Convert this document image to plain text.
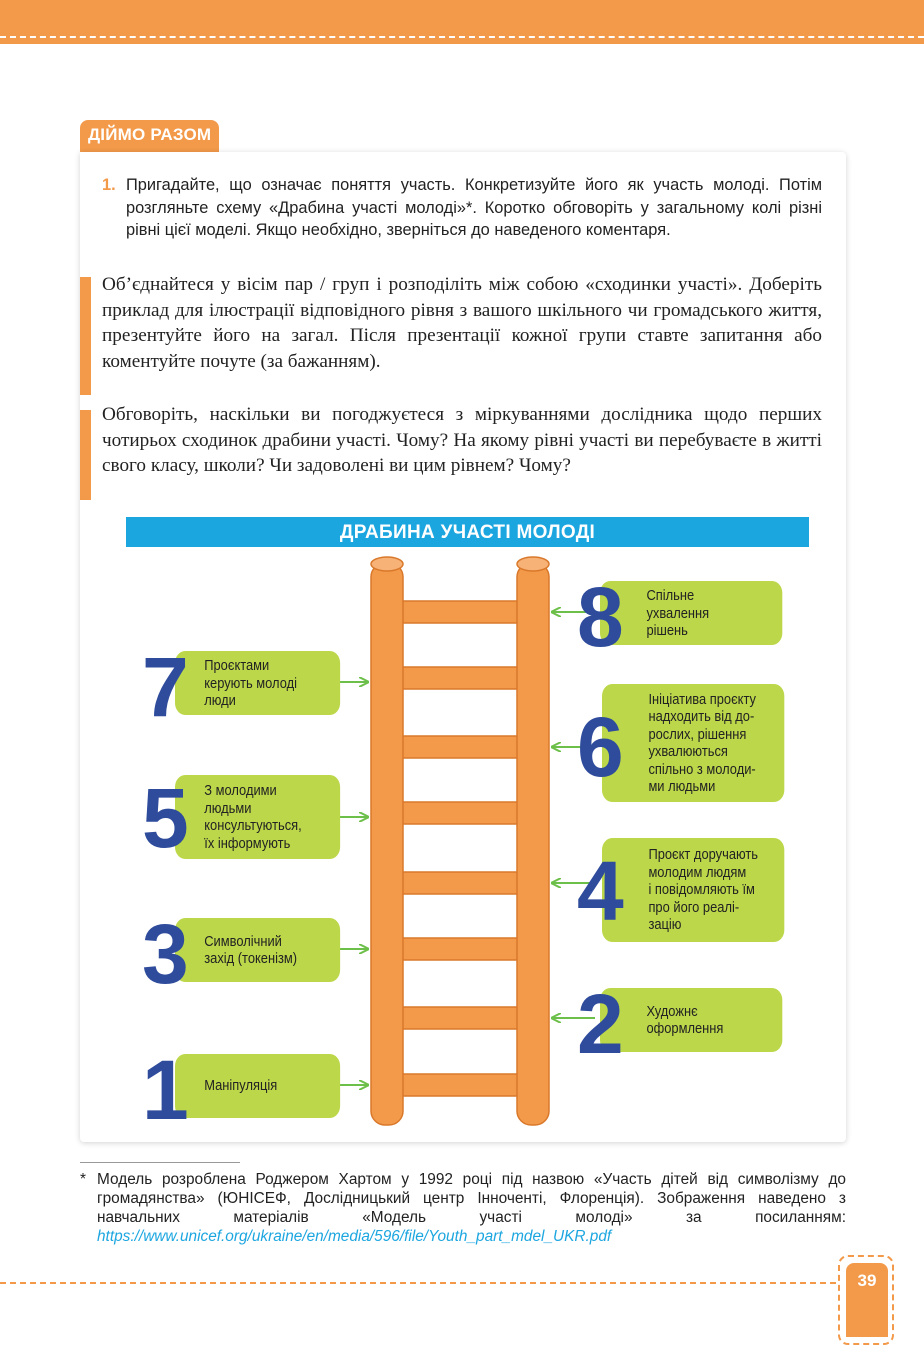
ДІЙМО РАЗОМ
1. Пригадайте, що означає поняття участь. Конкретизуйте його як участь молоді. Потім розгляньте схему «Драбина участі молоді»*. Коротко обговоріть у загальному колі різні рівні цієї моделі. Якщо необхідно, зверніться до наведеного коментаря.
Об’єднайтеся у вісім пар / груп і розподіліть між собою «сходинки участі». Доберіть приклад для ілюстрації відповідного рівня з вашого шкільного чи громадського життя, презентуйте його на загал. Після презентації кожної групи ставте запитання або коментуйте почуте (за бажанням).
Обговоріть, наскільки ви погоджуєтеся з міркуваннями дослідника щодо перших чотирьох сходинок драбини участі. Чому? На якому рівні участі ви перебуваєте в житті свого класу, школи? Чи задоволені ви цим рівнем? Чому?
ДРАБИНА УЧАСТІ МОЛОДІ
Спільне
ухвалення
рішень
8
Проєктами
керують молоді
люди
7	Ініціатива проєкту
надходить від до-
рослих, рішення
ухвалюються
спільно з молоди-
ми людьми
6
З молодими
людьми
консультуються,
їх інформують
5	Проєкт доручають
молодим людям
і повідомляють їм
про його реалі-
зацію
4
Символічний
захід (токенізм)
3
Художнє
оформлення
2
Маніпуляція
1
* Модель розроблена Роджером Хартом у 1992 році під назвою «Участь дітей від символізму до громадянства» (ЮНІСЕФ, Дослідницький центр Інноченті, Флоренція). Зображення наведено з навчальних матеріалів «Модель участі молоді» за посиланням: https://www.unicef.org/ukraine/en/media/596/file/Youth_part_mdel_UKR.pdf
39
